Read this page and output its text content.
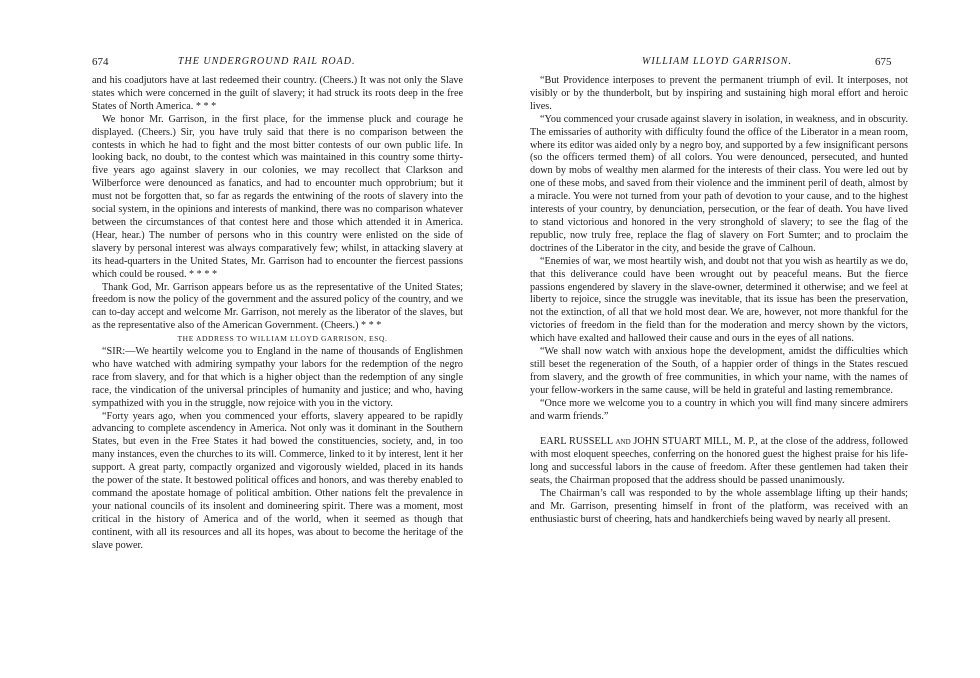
674	THE UNDERGROUND RAIL ROAD.

and his coadjutors have at last redeemed their country. (Cheers.) It was not only the Slave states which were concerned in the guilt of slavery; it had struck its roots deep in the free States of North America. * * *

We honor Mr. Garrison, in the first place, for the immense pluck and courage he displayed. (Cheers.) Sir, you have truly said that there is no comparison between the contests in which he had to fight and the most bitter contests of our own public life. In looking back, no doubt, to the contest which was maintained in this country some thirty-five years ago against slavery in our colonies, we may recollect that Clarkson and Wilberforce were denounced as fanatics, and had to encounter much opprobrium; but it must not be forgotten that, so far as regards the entwining of the roots of slavery into the social system, in the opinions and interests of mankind, there was no comparison whatever between the circumstances of that contest here and those which attended it in America. (Hear, hear.) The number of persons who in this country were enlisted on the side of slavery by personal interest was always comparatively few; whilst, in attacking slavery at its head-quarters in the United States, Mr. Garrison had to encounter the fiercest passions which could be roused. * * * *

Thank God, Mr. Garrison appears before us as the representative of the United States; freedom is now the policy of the government and the assured policy of the country, and we can to-day accept and welcome Mr. Garrison, not merely as the liberator of the slaves, but as the representative also of the American Government. (Cheers.) * * *

THE ADDRESS TO WILLIAM LLOYD GARRISON, ESQ.

“SIR:—We heartily welcome you to England in the name of thousands of Englishmen who have watched with admiring sympathy your labors for the redemption of the negro race from slavery, and for that which is a higher object than the redemption of any single race, the vindication of the universal principles of humanity and justice; and who, having sympathized with you in the struggle, now rejoice with you in the victory.

“Forty years ago, when you commenced your efforts, slavery appeared to be rapidly advancing to complete ascendency in America. Not only was it dominant in the Southern States, but even in the Free States it had bowed the constituencies, society, and, in too many instances, even the churches to its will. Commerce, linked to it by interest, lent it her support. A great party, compactly organized and vigorously wielded, placed in its hands the power of the state. It bestowed political offices and honors, and was thereby enabled to command the apostate homage of political ambition. Other nations felt the prevalence in your national councils of its insolent and domineering spirit. There was a moment, most critical in the history of America and of the world, when it seemed as though that continent, with all its resources and all its hopes, was about to become the heritage of the slave power.

WILLIAM LLOYD GARRISON.	675

“But Providence interposes to prevent the permanent triumph of evil. It interposes, not visibly or by the thunderbolt, but by inspiring and sustaining high moral effort and heroic lives.

“You commenced your crusade against slavery in isolation, in weakness, and in obscurity. The emissaries of authority with difficulty found the office of the Liberator in a mean room, where its editor was aided only by a negro boy, and supported by a few insignificant persons (so the officers termed them) of all colors. You were denounced, persecuted, and hunted down by mobs of wealthy men alarmed for the interests of their class. You were led out by one of these mobs, and saved from their violence and the imminent peril of death, almost by a miracle. You were not turned from your path of devotion to your cause, and to the highest interests of your country, by denunciation, persecution, or the fear of death. You have lived to stand victorious and honored in the very stronghold of slavery; to see the flag of the republic, now truly free, replace the flag of slavery on Fort Sumter; and to proclaim the doctrines of the Liberator in the city, and beside the grave of Calhoun.

“Enemies of war, we most heartily wish, and doubt not that you wish as heartily as we do, that this deliverance could have been wrought out by peaceful means. But the fierce passions engendered by slavery in the slave-owner, determined it otherwise; and we feel at liberty to rejoice, since the struggle was inevitable, that its issue has been the preservation, not the extinction, of all that we hold most dear. We are, however, not more thankful for the victories of freedom in the field than for the moderation and mercy shown by the victors, which have exalted and hallowed their cause and ours in the eyes of all nations.

“We shall now watch with anxious hope the development, amidst the difficulties which still beset the regeneration of the South, of a happier order of things in the States rescued from slavery, and the growth of free communities, in which your name, with the names of your fellow-workers in the same cause, will be held in grateful and lasting remembrance.

“Once more we welcome you to a country in which you will find many sincere admirers and warm friends.”

EARL RUSSELL and JOHN STUART MILL, M. P., at the close of the address, followed with most eloquent speeches, conferring on the honored guest the highest praise for his life-long and successful labors in the cause of freedom. After these gentlemen had taken their seats, the Chairman proposed that the address should be passed unanimously.

The Chairman’s call was responded to by the whole assemblage lifting up their hands; and Mr. Garrison, presenting himself in front of the platform, was received with an enthusiastic burst of cheering, hats and handkerchiefs being waved by nearly all present.
